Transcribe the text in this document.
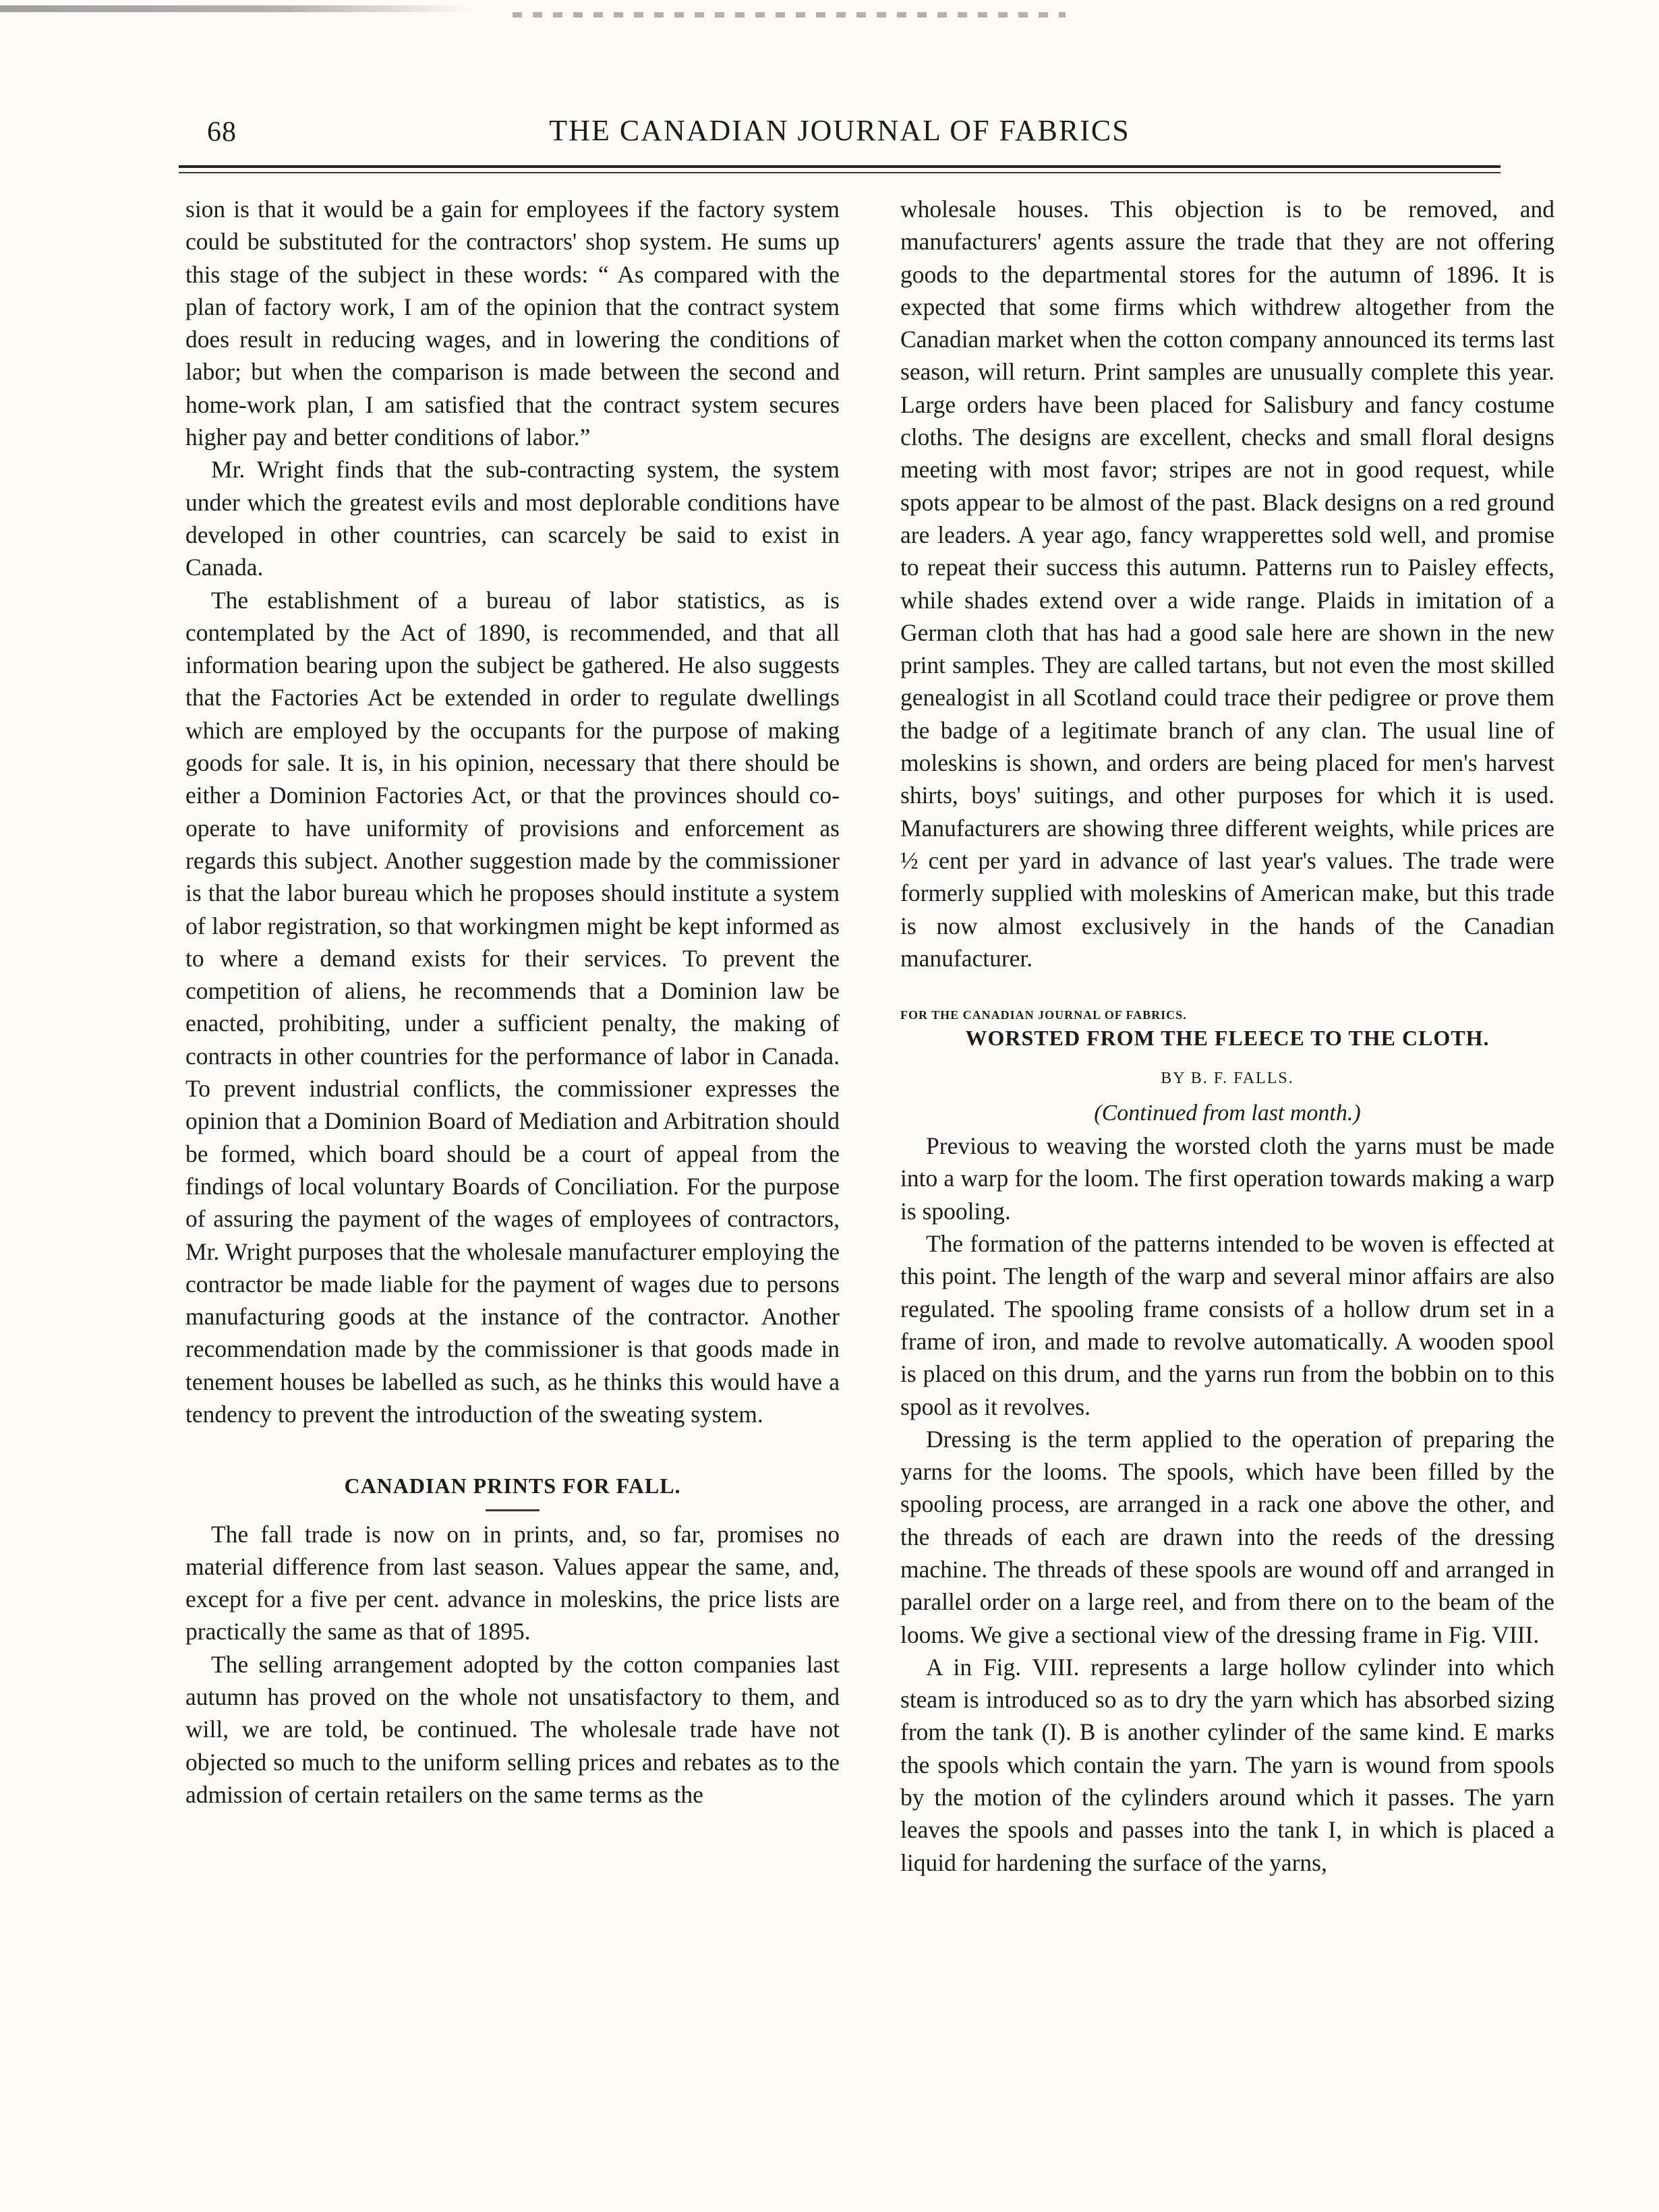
68	THE CANADIAN JOURNAL OF FABRICS

sion is that it would be a gain for employees if the factory system could be substituted for the contractors' shop system. He sums up this stage of the subject in these words: “ As compared with the plan of factory work, I am of the opinion that the contract system does result in reducing wages, and in lowering the conditions of labor; but when the comparison is made between the second and home-work plan, I am satisfied that the contract system secures higher pay and better conditions of labor.”

Mr. Wright finds that the sub-contracting system, the system under which the greatest evils and most deplorable conditions have developed in other countries, can scarcely be said to exist in Canada.

The establishment of a bureau of labor statistics, as is contemplated by the Act of 1890, is recommended, and that all information bearing upon the subject be gathered. He also suggests that the Factories Act be extended in order to regulate dwellings which are employed by the occupants for the purpose of making goods for sale. It is, in his opinion, necessary that there should be either a Dominion Factories Act, or that the provinces should co-operate to have uniformity of provisions and enforcement as regards this subject. Another suggestion made by the commissioner is that the labor bureau which he proposes should institute a system of labor registration, so that workingmen might be kept informed as to where a demand exists for their services. To prevent the competition of aliens, he recommends that a Dominion law be enacted, prohibiting, under a sufficient penalty, the making of contracts in other countries for the performance of labor in Canada. To prevent industrial conflicts, the commissioner expresses the opinion that a Dominion Board of Mediation and Arbitration should be formed, which board should be a court of appeal from the findings of local voluntary Boards of Conciliation. For the purpose of assuring the payment of the wages of employees of contractors, Mr. Wright purposes that the wholesale manufacturer employing the contractor be made liable for the payment of wages due to persons manufacturing goods at the instance of the contractor. Another recommendation made by the commissioner is that goods made in tenement houses be labelled as such, as he thinks this would have a tendency to prevent the introduction of the sweating system.

CANADIAN PRINTS FOR FALL.

The fall trade is now on in prints, and, so far, promises no material difference from last season. Values appear the same, and, except for a five per cent. advance in moleskins, the price lists are practically the same as that of 1895.

The selling arrangement adopted by the cotton companies last autumn has proved on the whole not unsatisfactory to them, and will, we are told, be continued. The wholesale trade have not objected so much to the uniform selling prices and rebates as to the admission of certain retailers on the same terms as the

wholesale houses. This objection is to be removed, and manufacturers' agents assure the trade that they are not offering goods to the departmental stores for the autumn of 1896. It is expected that some firms which withdrew altogether from the Canadian market when the cotton company announced its terms last season, will return. Print samples are unusually complete this year. Large orders have been placed for Salisbury and fancy costume cloths. The designs are excellent, checks and small floral designs meeting with most favor; stripes are not in good request, while spots appear to be almost of the past. Black designs on a red ground are leaders. A year ago, fancy wrapperettes sold well, and promise to repeat their success this autumn. Patterns run to Paisley effects, while shades extend over a wide range. Plaids in imitation of a German cloth that has had a good sale here are shown in the new print samples. They are called tartans, but not even the most skilled genealogist in all Scotland could trace their pedigree or prove them the badge of a legitimate branch of any clan. The usual line of moleskins is shown, and orders are being placed for men's harvest shirts, boys' suitings, and other purposes for which it is used. Manufacturers are showing three different weights, while prices are ½ cent per yard in advance of last year's values. The trade were formerly supplied with moleskins of American make, but this trade is now almost exclusively in the hands of the Canadian manufacturer.

FOR THE CANADIAN JOURNAL OF FABRICS.
WORSTED FROM THE FLEECE TO THE CLOTH.
BY B. F. FALLS.
(Continued from last month.)

Previous to weaving the worsted cloth the yarns must be made into a warp for the loom. The first operation towards making a warp is spooling.

The formation of the patterns intended to be woven is effected at this point. The length of the warp and several minor affairs are also regulated. The spooling frame consists of a hollow drum set in a frame of iron, and made to revolve automatically. A wooden spool is placed on this drum, and the yarns run from the bobbin on to this spool as it revolves.

Dressing is the term applied to the operation of preparing the yarns for the looms. The spools, which have been filled by the spooling process, are arranged in a rack one above the other, and the threads of each are drawn into the reeds of the dressing machine. The threads of these spools are wound off and arranged in parallel order on a large reel, and from there on to the beam of the looms. We give a sectional view of the dressing frame in Fig. VIII.

A in Fig. VIII. represents a large hollow cylinder into which steam is introduced so as to dry the yarn which has absorbed sizing from the tank (I). B is another cylinder of the same kind. E marks the spools which contain the yarn. The yarn is wound from spools by the motion of the cylinders around which it passes. The yarn leaves the spools and passes into the tank I, in which is placed a liquid for hardening the surface of the yarns,
